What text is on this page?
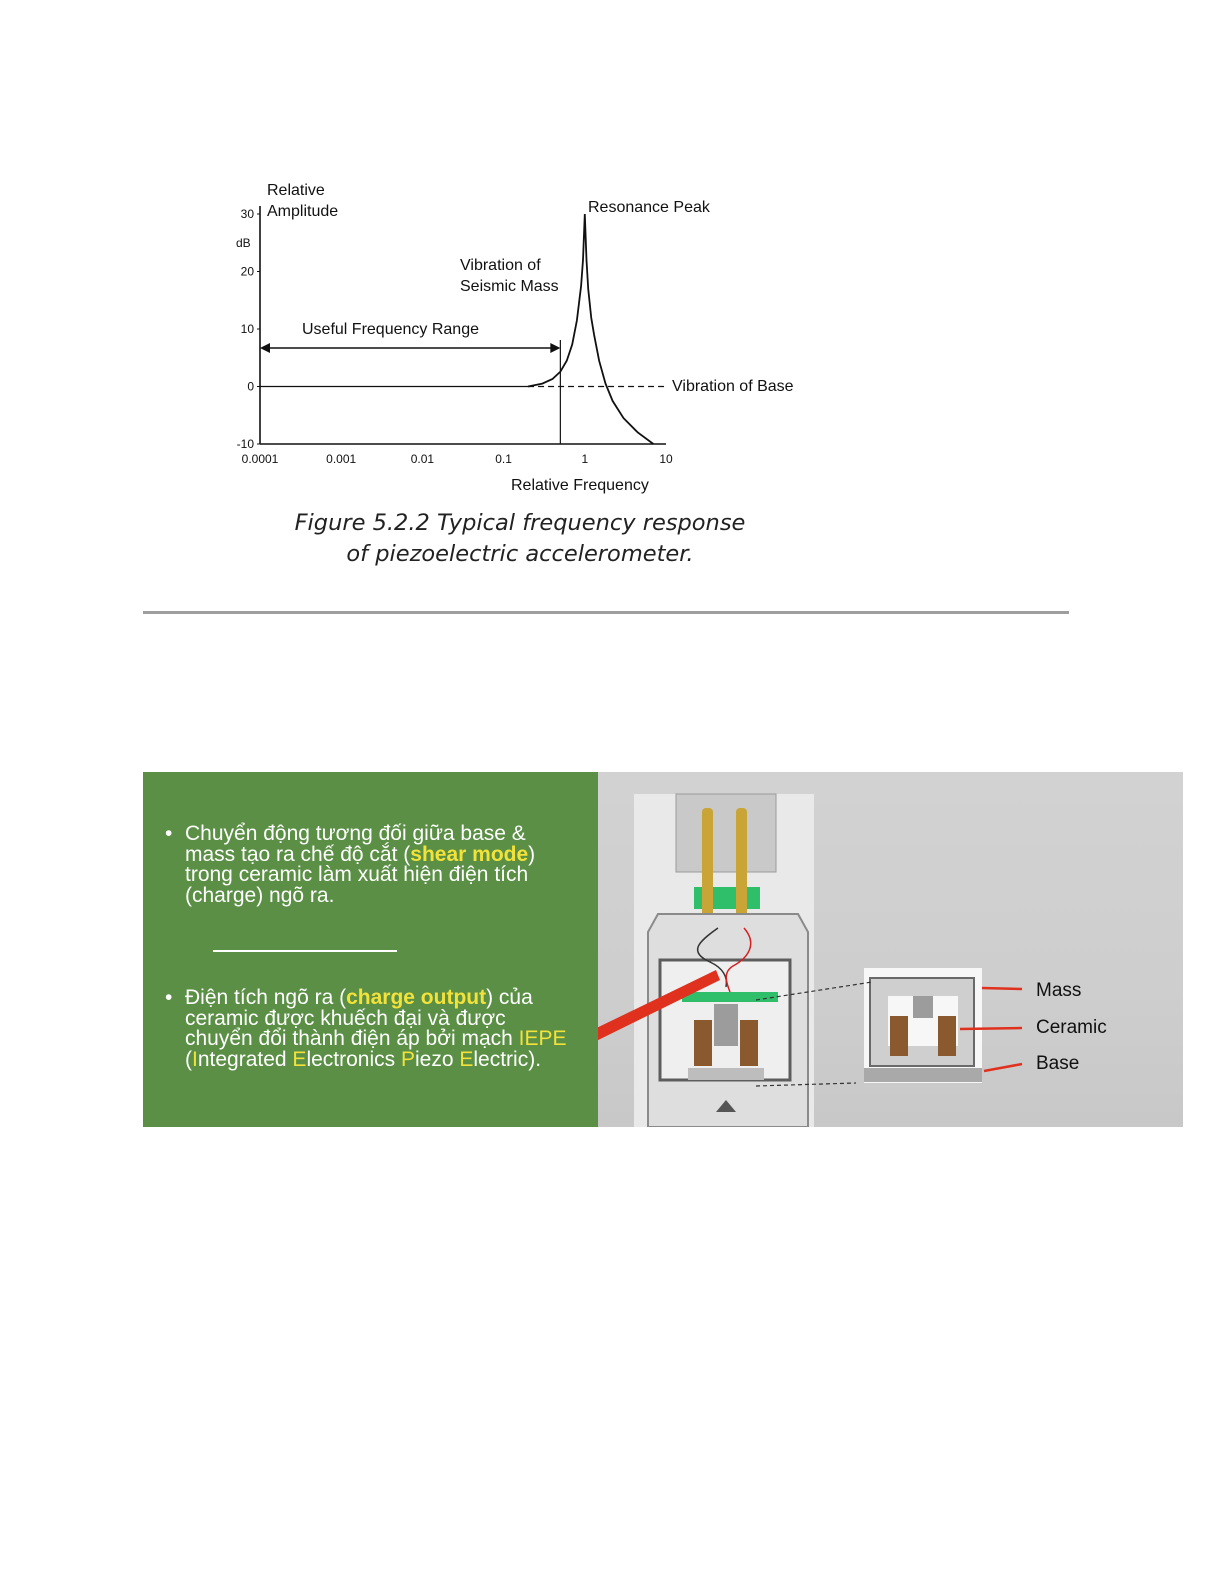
30
20
10
0
-10
0.0001	0.001	0.01	0.1	1	10
Relative
Amplitude
dB
Relative Frequency
Resonance Peak
Vibration of
Seismic Mass
Useful Frequency Range
Vibration of Base
Figure 5.2.2 Typical frequency response
of piezoelectric accelerometer.
• Chuyển động tương đối giữa base & mass tạo ra chế độ cắt (shear mode) trong ceramic làm xuất hiện điện tích (charge) ngõ ra.
• Điện tích ngõ ra (charge output) của ceramic được khuếch đại và được chuyển đổi thành điện áp bởi mạch IEPE (Integrated Electronics Piezo Electric).
Mass
Ceramic
Base
